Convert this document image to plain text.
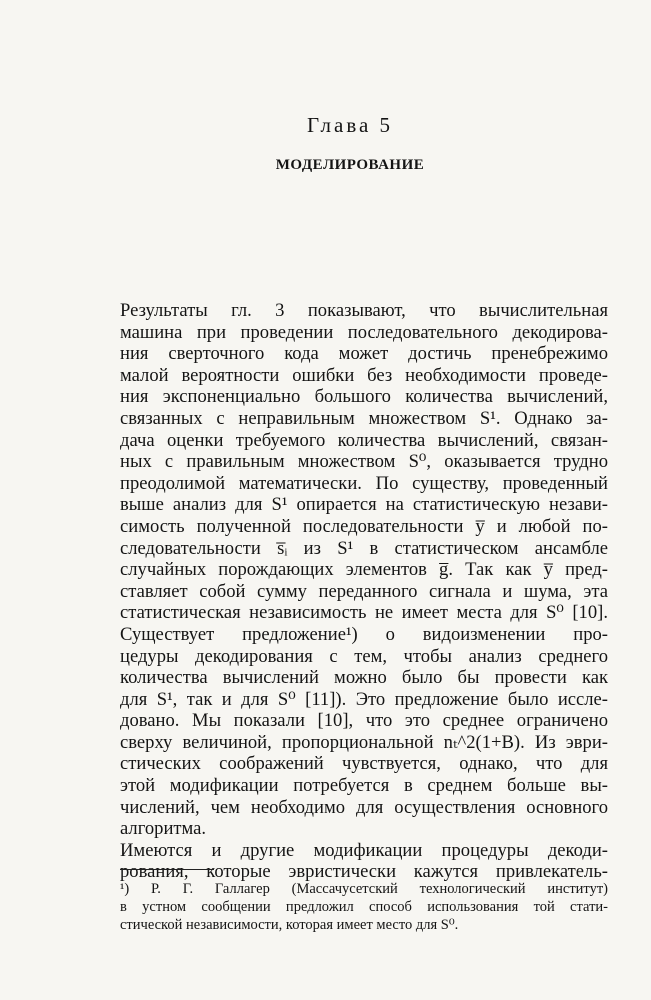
Глава 5
МОДЕЛИРОВАНИЕ
Результаты гл. 3 показывают, что вычислительная
машина при проведении последовательного декодирова-
ния сверточного кода может достичь пренебрежимо
малой вероятности ошибки без необходимости проведе-
ния экспоненциально большого количества вычислений,
связанных с неправильным множеством S¹. Однако за-
дача оценки требуемого количества вычислений, связан-
ных с правильным множеством S⁰, оказывается трудно
преодолимой математически. По существу, проведенный
выше анализ для S¹ опирается на статистическую незави-
симость полученной последовательности y̅ и любой по-
следовательности s̅ᵢ из S¹ в статистическом ансамбле
случайных порождающих элементов g̅. Так как y̅ пред-
ставляет собой сумму переданного сигнала и шума, эта
статистическая независимость не имеет места для S⁰ [10].
Существует предложение¹) о видоизменении про-
цедуры декодирования с тем, чтобы анализ среднего
количества вычислений можно было бы провести как
для S¹, так и для S⁰ [11]). Это предложение было иссле-
довано. Мы показали [10], что это среднее ограничено
сверху величиной, пропорциональной nₜ^2(1+B). Из эври-
стических соображений чувствуется, однако, что для
этой модификации потребуется в среднем больше вы-
числений, чем необходимо для осуществления основного
алгоритма.
Имеются и другие модификации процедуры декоди-
рования, которые эвристически кажутся привлекатель-
¹) Р. Г. Галлагер (Массачусетский технологический институт)
в устном сообщении предложил способ использования той стати-
стической независимости, которая имеет место для S⁰.
